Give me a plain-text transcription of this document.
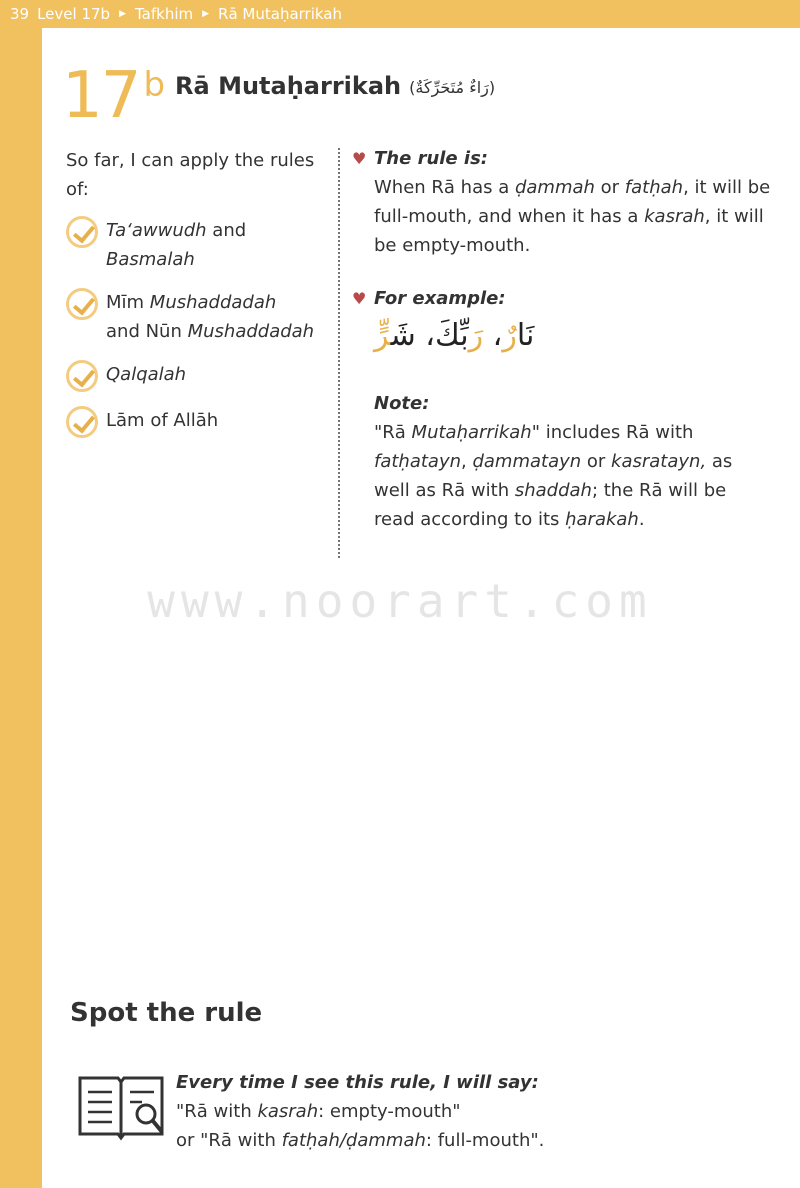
39 Level 17b ▶ Tafkhim ▶ Rā Mutaḥarrikah
17 b Rā Mutaḥarrikah (رَاءٌ مُتَحَرِّكَةٌ)
So far, I can apply the rules of:
Ta‘awwudh and
Basmalah
Mīm Mushaddadah
and Nūn Mushaddadah
Qalqalah
Lām of Allāh
♥ The rule is:
When Rā has a ḍammah or fatḥah, it will be full-mouth, and when it has a kasrah, it will be empty-mouth.
♥ For example:
نَارٌ، رَبِّكَ، شَرٍّ
Note:
"Rā Mutaḥarrikah" includes Rā with fatḥatayn, ḍammatayn or kasratayn, as well as Rā with shaddah; the Rā will be read according to its ḥarakah.
Spot the rule
Every time I see this rule, I will say:
"Rā with kasrah: empty-mouth"
or "Rā with fatḥah/ḍammah: full-mouth".
www.noorart.com
